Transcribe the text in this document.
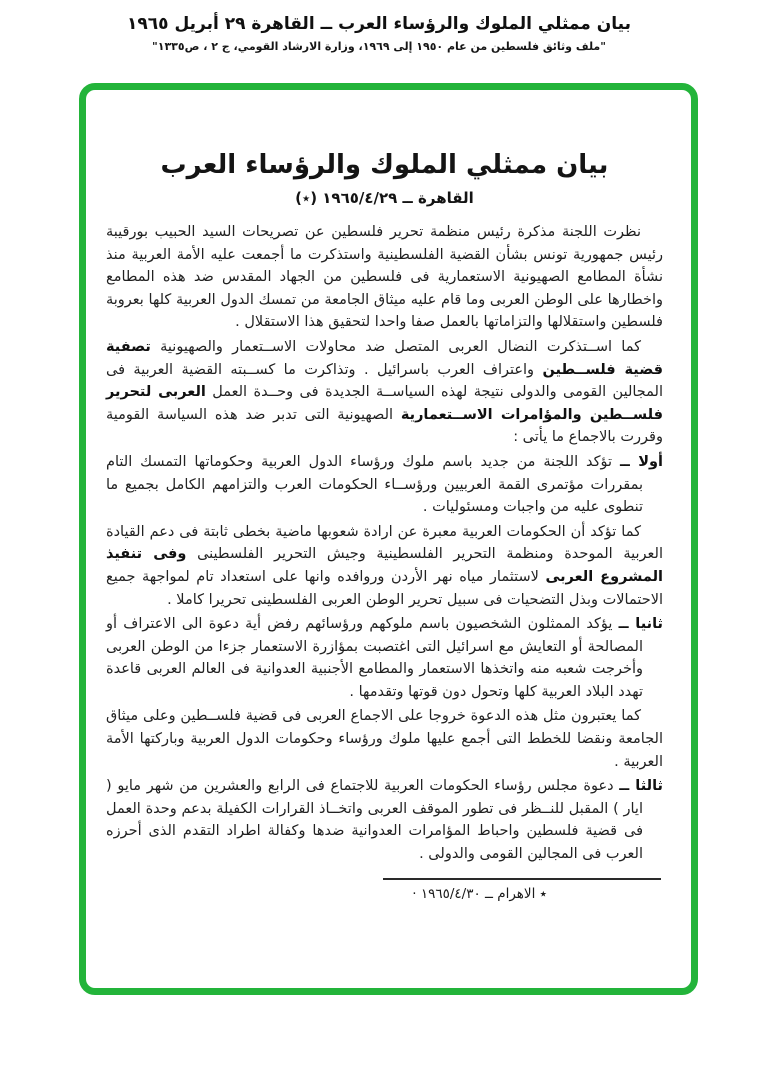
بيان ممثلي الملوك والرؤساء العرب ــ القاهرة ٢٩ أبريل ١٩٦٥
"ملف وثائق فلسطين من عام ١٩٥٠ إلى ١٩٦٩، وزارة الارشاد القومي، ج ٢ ، ص١٣٣٥"
بيان ممثلي الملوك والرؤساء العرب
القاهرة ــ ١٩٦٥/٤/٢٩ (٭)

نظرت اللجنة مذكرة رئيس منظمة تحرير فلسطين عن تصريحات السيد الحبيب بورقيبة رئيس جمهورية تونس بشأن القضية الفلسطينية واستذكرت ما أجمعت عليه الأمة العربية منذ نشأة المطامع الصهيونية الاستعمارية فى فلسطين من الجهاد المقدس ضد هذه المطامع واخطارها على الوطن العربى وما قام عليه ميثاق الجامعة من تمسك الدول العربية كلها بعروبة فلسطين واستقلالها والتزاماتها بالعمل صفا واحدا لتحقيق هذا الاستقلال .

كما اســتذكرت النضال العربى المتصل ضد محاولات الاســتعمار والصهيونية تصفية قضية فلســطين واعتراف العرب باسرائيل . وتذاكرت ما كســبته القضية العربية فى المجالين القومى والدولى نتيجة لهذه السياســة الجديدة فى وحــدة العمل العربى لتحرير فلســطين والمؤامرات الاســتعمارية الصهيونية التى تدبر ضد هذه السياسة القومية وقررت بالاجماع ما يأتى :

أولا ــ تؤكد اللجنة من جديد باسم ملوك ورؤساء الدول العربية وحكوماتها التمسك التام بمقررات مؤتمرى القمة العربيين ورؤســاء الحكومات العرب والتزامهم الكامل بجميع ما تنطوى عليه من واجبات ومسئوليات .

كما تؤكد أن الحكومات العربية معبرة عن ارادة شعوبها ماضية بخطى ثابتة فى دعم القيادة العربية الموحدة ومنظمة التحرير الفلسطينية وجيش التحرير الفلسطينى وفى تنفيذ المشروع العربى لاستثمار مياه نهر الأردن وروافده وانها على استعداد تام لمواجهة جميع الاحتمالات وبذل التضحيات فى سبيل تحرير الوطن العربى الفلسطينى تحريرا كاملا .

ثانيا ــ يؤكد الممثلون الشخصيون باسم ملوكهم ورؤسائهم رفض أية دعوة الى الاعتراف أو المصالحة أو التعايش مع اسرائيل التى اغتصبت بمؤازرة الاستعمار جزءا من الوطن العربى وأخرجت شعبه منه واتخذها الاستعمار والمطامع الأجنبية العدوانية فى العالم العربى قاعدة تهدد البلاد العربية كلها وتحول دون قوتها وتقدمها .

كما يعتبرون مثل هذه الدعوة خروجا على الاجماع العربى فى قضية فلســطين وعلى ميثاق الجامعة ونقضا للخطط التى أجمع عليها ملوك ورؤساء وحكومات الدول العربية وباركتها الأمة العربية .

ثالثا ــ دعوة مجلس رؤساء الحكومات العربية للاجتماع فى الرابع والعشرين من شهر مايو ( ايار ) المقبل للنــظر فى تطور الموقف العربى واتخــاذ القرارات الكفيلة بدعم وحدة العمل فى قضية فلسطين واحباط المؤامرات العدوانية ضدها وكفالة اطراد التقدم الذى أحرزه العرب فى المجالين القومى والدولى .

٭ الاهرام ــ ١٩٦٥/٤/٣٠ ·
